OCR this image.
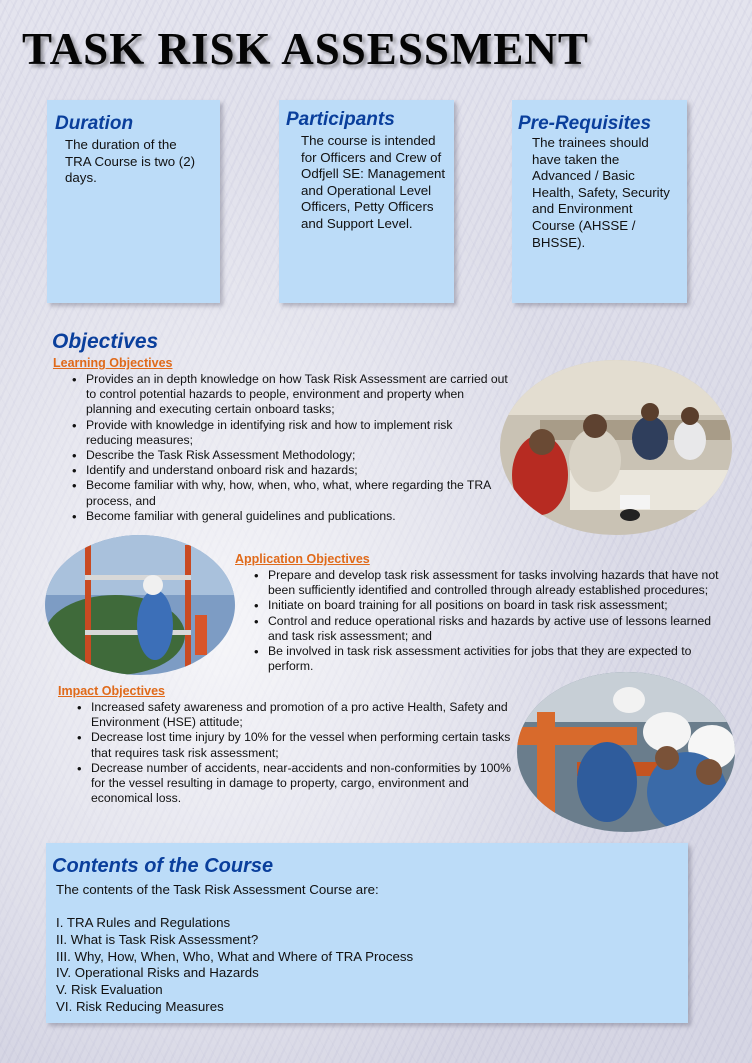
TASK RISK ASSESSMENT
Duration
The duration of the
TRA Course is two (2)
days.
Participants
The course is intended
for Officers and Crew of
Odfjell SE: Management
and Operational Level
Officers, Petty Officers
and Support Level.
Pre-Requisites
The trainees should
have taken the
Advanced / Basic
Health, Safety, Security
and Environment
Course (AHSSE /
BHSSE).
Objectives
Learning Objectives
• Provides an in depth knowledge on how Task Risk Assessment are carried out
to control potential hazards to people, environment and property when
planning and executing certain onboard tasks;
• Provide with knowledge in identifying risk and how to implement risk
reducing measures;
• Describe the Task Risk Assessment Methodology;
• Identify and understand onboard risk and hazards;
• Become familiar with why, how, when, who, what, where regarding the TRA
process, and
• Become familiar with general guidelines and publications.
Application Objectives
• Prepare and develop task risk assessment for tasks involving hazards that have not
been sufficiently identified and controlled through already established procedures;
• Initiate on board training for all positions on board in task risk assessment;
• Control and reduce operational risks and hazards by active use of lessons learned
and task risk assessment; and
• Be involved in task risk assessment activities for jobs that they are expected to
perform.
Impact Objectives
• Increased safety awareness and promotion of a pro active Health, Safety and
Environment (HSE) attitude;
• Decrease lost time injury by 10% for the vessel when performing certain tasks
that requires task risk assessment;
• Decrease number of accidents, near-accidents and non-conformities by 100%
for the vessel resulting in damage to property, cargo, environment and
economical loss.
Contents of the Course
The contents of the Task Risk Assessment Course are:
I. TRA Rules and Regulations
II. What is Task Risk Assessment?
III. Why, How, When, Who, What and Where of TRA Process
IV. Operational Risks and Hazards
V. Risk Evaluation
VI. Risk Reducing Measures
